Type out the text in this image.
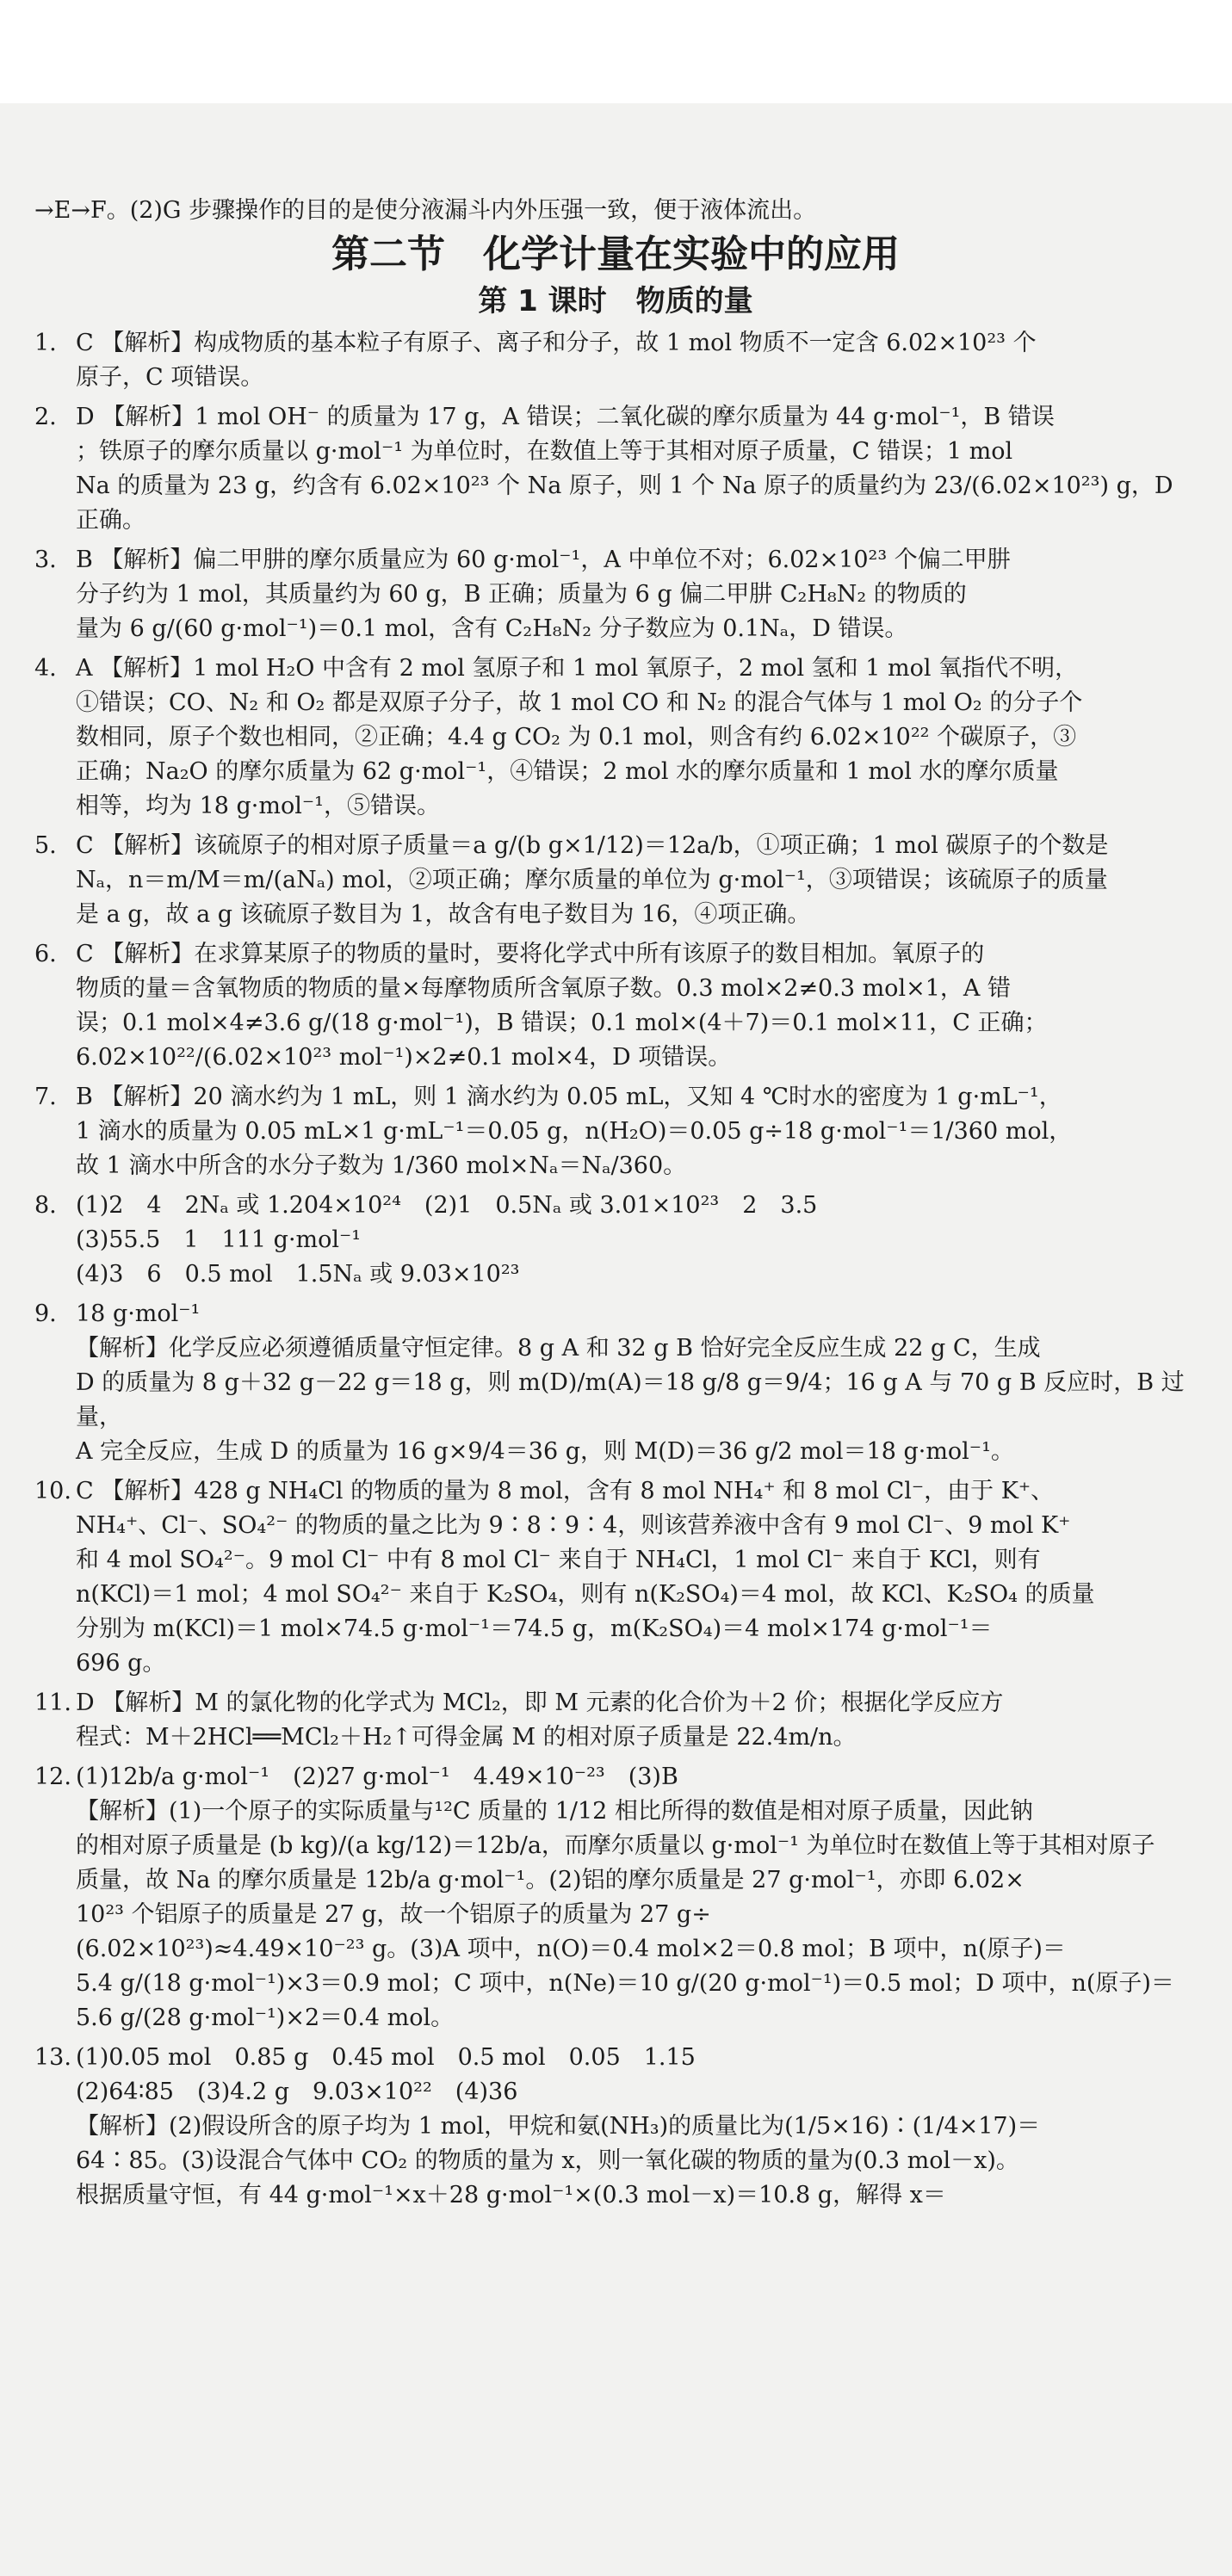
→E→F。(2)G 步骤操作的目的是使分液漏斗内外压强一致，便于液体流出。
第二节　化学计量在实验中的应用
第 1 课时　物质的量
1. C 【解析】构成物质的基本粒子有原子、离子和分子，故 1 mol 物质不一定含 6.02×10²³ 个
原子，C 项错误。
2. D 【解析】1 mol OH⁻ 的质量为 17 g，A 错误；二氧化碳的摩尔质量为 44 g·mol⁻¹，B 错误
；铁原子的摩尔质量以 g·mol⁻¹ 为单位时，在数值上等于其相对原子质量，C 错误；1 mol
Na 的质量为 23 g，约含有 6.02×10²³ 个 Na 原子，则 1 个 Na 原子的质量约为 23/(6.02×10²³) g，D
正确。
3. B 【解析】偏二甲肼的摩尔质量应为 60 g·mol⁻¹，A 中单位不对；6.02×10²³ 个偏二甲肼
分子约为 1 mol，其质量约为 60 g，B 正确；质量为 6 g 偏二甲肼 C₂H₈N₂ 的物质的
量为 6 g/(60 g·mol⁻¹)＝0.1 mol，含有 C₂H₈N₂ 分子数应为 0.1Nₐ，D 错误。
4. A 【解析】1 mol H₂O 中含有 2 mol 氢原子和 1 mol 氧原子，2 mol 氢和 1 mol 氧指代不明，
①错误；CO、N₂ 和 O₂ 都是双原子分子，故 1 mol CO 和 N₂ 的混合气体与 1 mol O₂ 的分子个
数相同，原子个数也相同，②正确；4.4 g CO₂ 为 0.1 mol，则含有约 6.02×10²² 个碳原子，③
正确；Na₂O 的摩尔质量为 62 g·mol⁻¹，④错误；2 mol 水的摩尔质量和 1 mol 水的摩尔质量
相等，均为 18 g·mol⁻¹，⑤错误。
5. C 【解析】该硫原子的相对原子质量＝a g/(b g×1/12)＝12a/b，①项正确；1 mol 碳原子的个数是
Nₐ，n＝m/M＝m/(aNₐ) mol，②项正确；摩尔质量的单位为 g·mol⁻¹，③项错误；该硫原子的质量
是 a g，故 a g 该硫原子数目为 1，故含有电子数目为 16，④项正确。
6. C 【解析】在求算某原子的物质的量时，要将化学式中所有该原子的数目相加。氧原子的
物质的量＝含氧物质的物质的量×每摩物质所含氧原子数。0.3 mol×2≠0.3 mol×1，A 错
误；0.1 mol×4≠3.6 g/(18 g·mol⁻¹)，B 错误；0.1 mol×(4＋7)＝0.1 mol×11，C 正确；
6.02×10²²/(6.02×10²³ mol⁻¹)×2≠0.1 mol×4，D 项错误。
7. B 【解析】20 滴水约为 1 mL，则 1 滴水约为 0.05 mL，又知 4 ℃时水的密度为 1 g·mL⁻¹，
1 滴水的质量为 0.05 mL×1 g·mL⁻¹＝0.05 g，n(H₂O)＝0.05 g÷18 g·mol⁻¹＝1/360 mol，
故 1 滴水中所含的水分子数为 1/360 mol×Nₐ＝Nₐ/360。
8. (1)2　4　2Nₐ 或 1.204×10²⁴　(2)1　0.5Nₐ 或 3.01×10²³　2　3.5
(3)55.5　1　111 g·mol⁻¹
(4)3　6　0.5 mol　1.5Nₐ 或 9.03×10²³
9. 18 g·mol⁻¹
【解析】化学反应必须遵循质量守恒定律。8 g A 和 32 g B 恰好完全反应生成 22 g C，生成
D 的质量为 8 g＋32 g－22 g＝18 g，则 m(D)/m(A)＝18 g/8 g＝9/4；16 g A 与 70 g B 反应时，B 过量，
A 完全反应，生成 D 的质量为 16 g×9/4＝36 g，则 M(D)＝36 g/2 mol＝18 g·mol⁻¹。
10. C 【解析】428 g NH₄Cl 的物质的量为 8 mol，含有 8 mol NH₄⁺ 和 8 mol Cl⁻，由于 K⁺、
NH₄⁺、Cl⁻、SO₄²⁻ 的物质的量之比为 9∶8∶9∶4，则该营养液中含有 9 mol Cl⁻、9 mol K⁺
和 4 mol SO₄²⁻。9 mol Cl⁻ 中有 8 mol Cl⁻ 来自于 NH₄Cl，1 mol Cl⁻ 来自于 KCl，则有
n(KCl)＝1 mol；4 mol SO₄²⁻ 来自于 K₂SO₄，则有 n(K₂SO₄)＝4 mol，故 KCl、K₂SO₄ 的质量
分别为 m(KCl)＝1 mol×74.5 g·mol⁻¹＝74.5 g，m(K₂SO₄)＝4 mol×174 g·mol⁻¹＝
696 g。
11. D 【解析】M 的氯化物的化学式为 MCl₂，即 M 元素的化合价为＋2 价；根据化学反应方
程式：M＋2HCl══MCl₂＋H₂↑可得金属 M 的相对原子质量是 22.4m/n。
12. (1)12b/a g·mol⁻¹　(2)27 g·mol⁻¹　4.49×10⁻²³　(3)B
【解析】(1)一个原子的实际质量与¹²C 质量的 1/12 相比所得的数值是相对原子质量，因此钠
的相对原子质量是 (b kg)/(a kg/12)＝12b/a，而摩尔质量以 g·mol⁻¹ 为单位时在数值上等于其相对原子
质量，故 Na 的摩尔质量是 12b/a g·mol⁻¹。(2)铝的摩尔质量是 27 g·mol⁻¹，亦即 6.02×
10²³ 个铝原子的质量是 27 g，故一个铝原子的质量为 27 g÷
(6.02×10²³)≈4.49×10⁻²³ g。(3)A 项中，n(O)＝0.4 mol×2＝0.8 mol；B 项中，n(原子)＝
5.4 g/(18 g·mol⁻¹)×3＝0.9 mol；C 项中，n(Ne)＝10 g/(20 g·mol⁻¹)＝0.5 mol；D 项中，n(原子)＝
5.6 g/(28 g·mol⁻¹)×2＝0.4 mol。
13. (1)0.05 mol　0.85 g　0.45 mol　0.5 mol　0.05　1.15
(2)64∶85　(3)4.2 g　9.03×10²²　(4)36
【解析】(2)假设所含的原子均为 1 mol，甲烷和氨(NH₃)的质量比为(1/5×16)∶(1/4×17)＝
64∶85。(3)设混合气体中 CO₂ 的物质的量为 x，则一氧化碳的物质的量为(0.3 mol－x)。
根据质量守恒，有 44 g·mol⁻¹×x＋28 g·mol⁻¹×(0.3 mol－x)＝10.8 g，解得 x＝
